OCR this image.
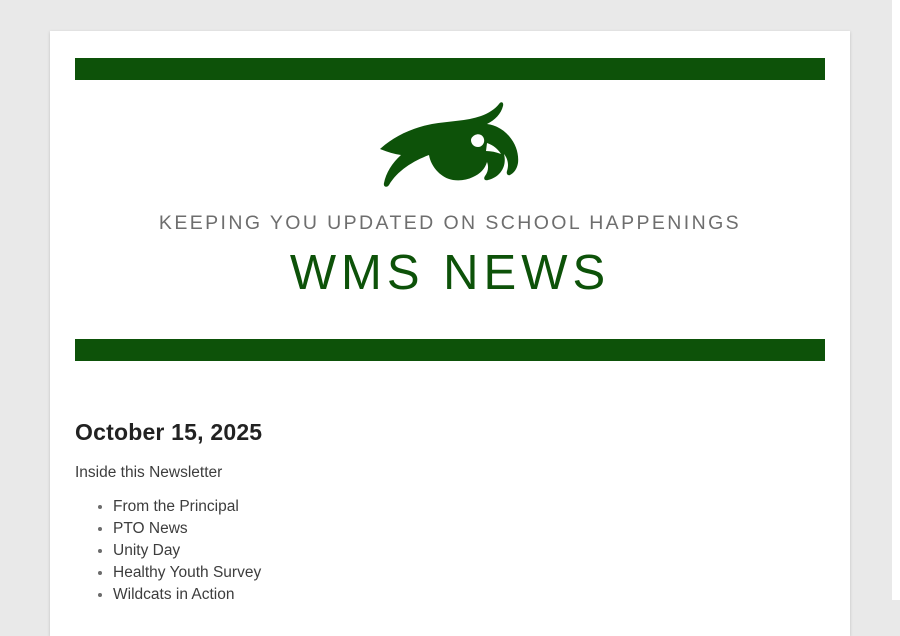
KEEPING YOU UPDATED ON SCHOOL HAPPENINGS
WMS NEWS
October 15, 2025
Inside this Newsletter
• From the Principal
• PTO News
• Unity Day
• Healthy Youth Survey
• Wildcats in Action
